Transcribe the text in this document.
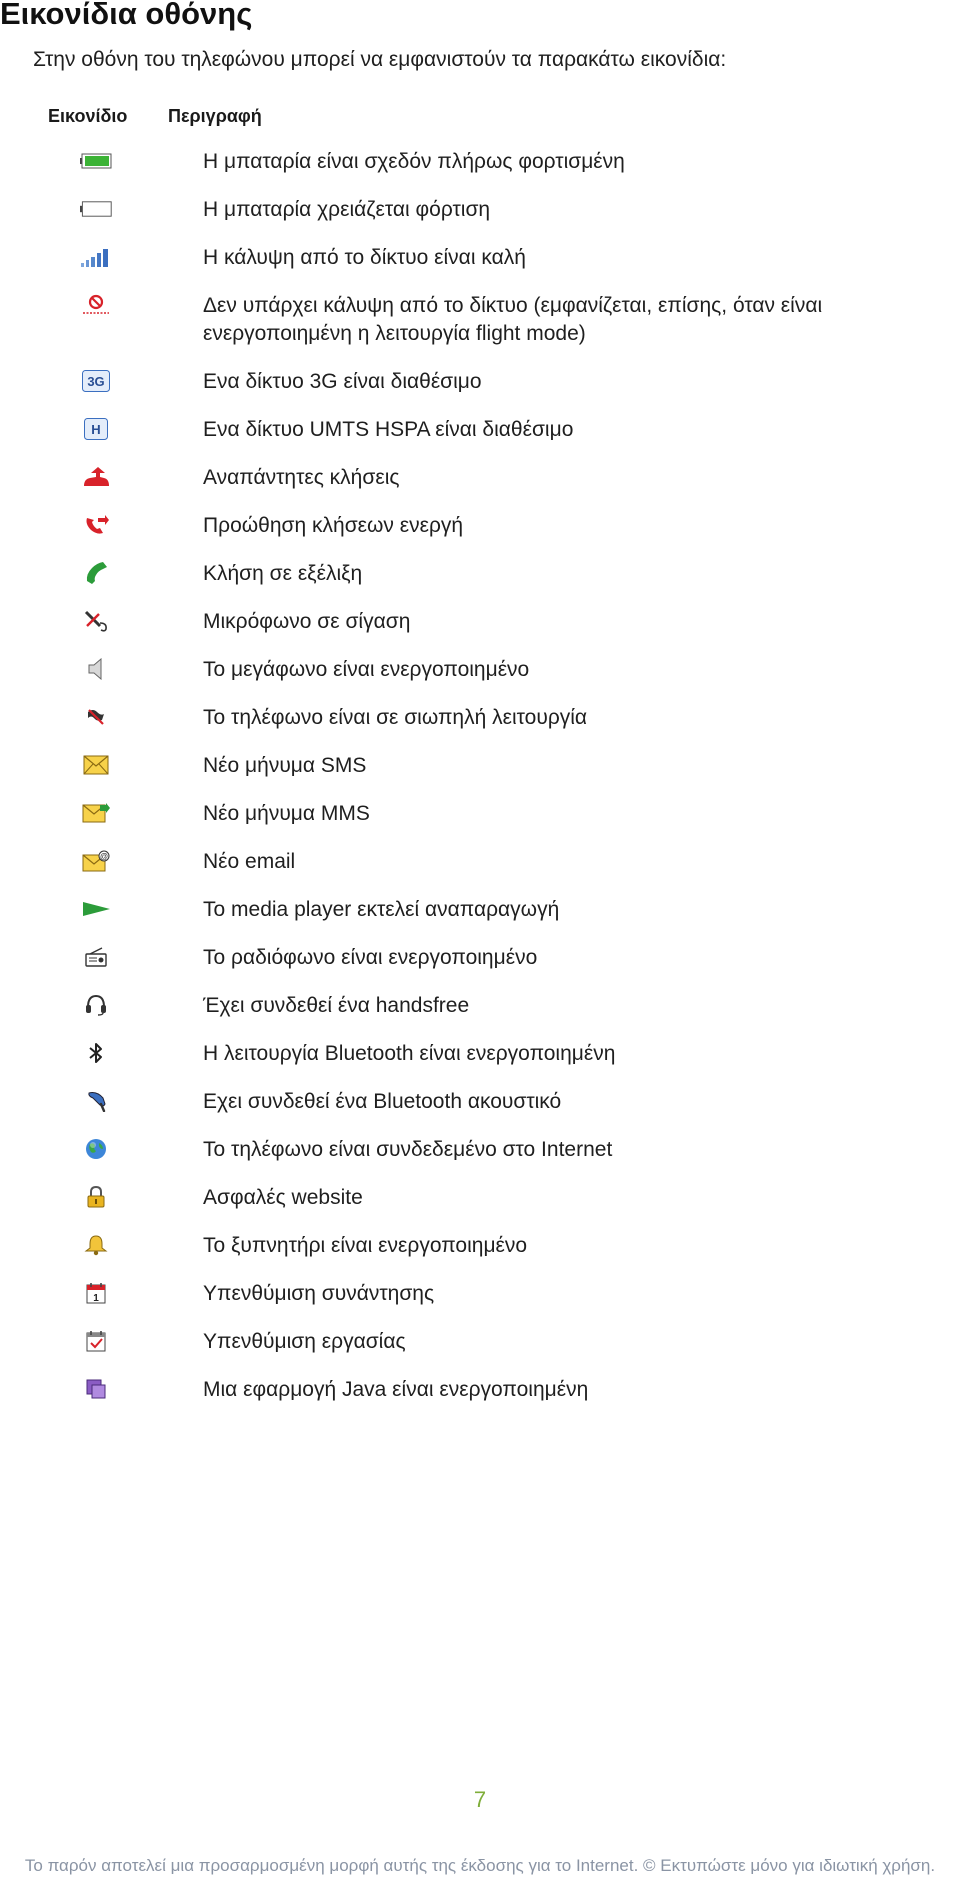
Εικονίδια οθόνης

Στην οθόνη του τηλεφώνου μπορεί να εμφανιστούν τα παρακάτω εικονίδια:

Εικονίδιο Περιγραφή
Η μπαταρία είναι σχεδόν πλήρως φορτισμένη
Η μπαταρία χρειάζεται φόρτιση
Η κάλυψη από το δίκτυο είναι καλή
Δεν υπάρχει κάλυψη από το δίκτυο (εμφανίζεται, επίσης, όταν είναι ενεργοποιημένη η λειτουργία flight mode)
3G	Ενα δίκτυο 3G είναι διαθέσιμο
H	Ενα δίκτυο UMTS HSPA είναι διαθέσιμο
Αναπάντητες κλήσεις
Προώθηση κλήσεων ενεργή
Κλήση σε εξέλιξη
Μικρόφωνο σε σίγαση
Το μεγάφωνο είναι ενεργοποιημένο
Το τηλέφωνο είναι σε σιωπηλή λειτουργία
Νέο μήνυμα SMS
Νέο μήνυμα MMS
@	Νέο email
Το media player εκτελεί αναπαραγωγή
Το ραδιόφωνο είναι ενεργοποιημένο
Έχει συνδεθεί ένα handsfree
Η λειτουργία Bluetooth είναι ενεργοποιημένη
Εχει συνδεθεί ένα Bluetooth ακουστικό
Το τηλέφωνο είναι συνδεδεμένο στο Internet
Ασφαλές website
Το ξυπνητήρι είναι ενεργοποιημένο
1	Υπενθύμιση συνάντησης
Υπενθύμιση εργασίας
Μια εφαρμογή Java είναι ενεργοποιημένη
7
Το παρόν αποτελεί μια προσαρμοσμένη μορφή αυτής της έκδοσης για το Internet. © Εκτυπώστε μόνο για ιδιωτική χρήση.
